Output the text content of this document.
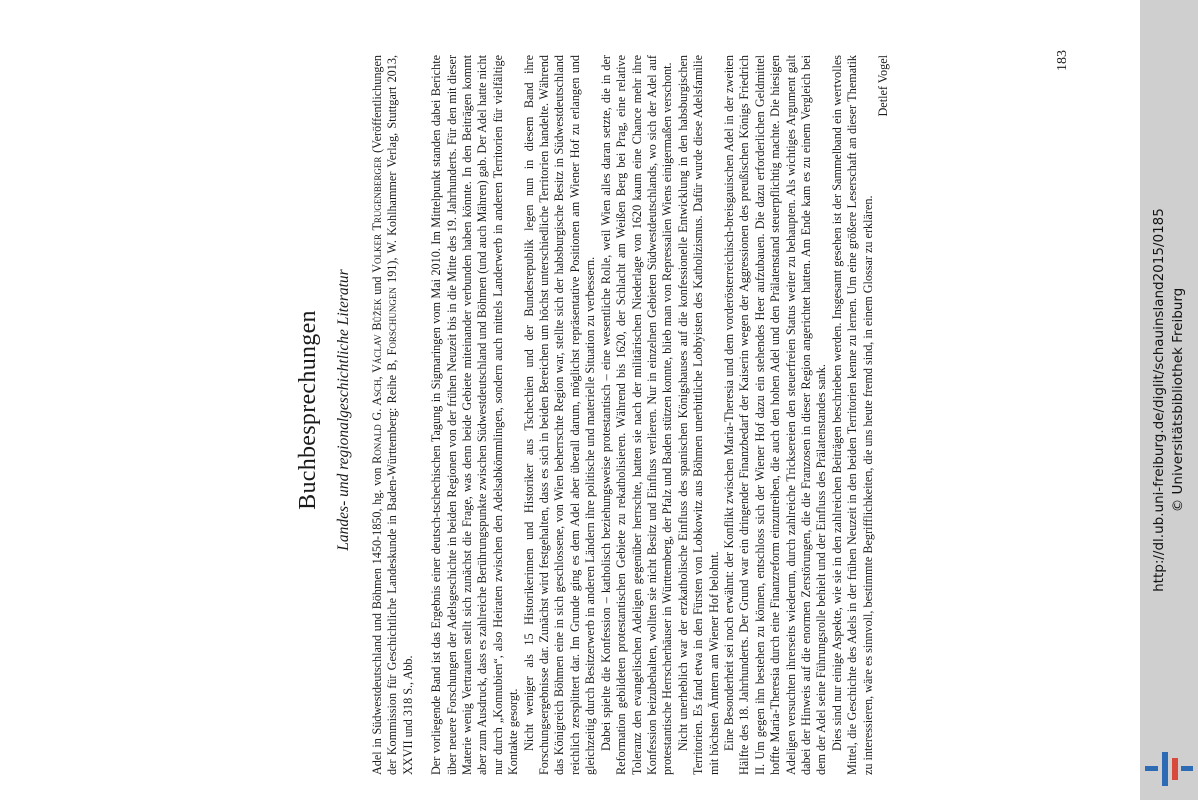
Buchbesprechungen Landes- und regionalgeschichtliche Literatur

Adel in Südwestdeutschland und Böhmen 1450-1850, hg. von Ronald G. Asch, Václav Bůžek und Volker Trugenberger (Veröffentlichungen der Kommission für Geschichtliche Landeskunde in Baden-Württemberg: Reihe B, Forschungen 191), W. Kohlhammer Verlag, Stuttgart 2013, XXVII und 318 S., Abb. Der vorliegende Band ist das Ergebnis einer deutsch-tschechischen Tagung in Sigmaringen vom Mai 2010. Im Mittelpunkt standen dabei Berichte über neuere Forschungen der Adelsgeschichte in beiden Regionen von der frühen Neuzeit bis in die Mitte des 19. Jahrhunderts. Für den mit dieser Materie wenig Vertrauten stellt sich zunächst die Frage, was denn beide Gebiete miteinander verbunden haben könnte. In den Beiträgen kommt aber zum Ausdruck, dass es zahlreiche Berührungspunkte zwischen Südwestdeutschland und Böhmen (und auch Mähren) gab. Der Adel hatte nicht nur durch „Konnubien“, also Heiraten zwischen den Adelsabkömmlingen, sondern auch mittels Landerwerb in anderen Territorien für vielfältige Kontakte gesorgt. Nicht weniger als 15 Historikerinnen und Historiker aus Tschechien und der Bundesrepublik legen nun in diesem Band ihre Forschungsergebnisse dar. Zunächst wird festgehalten, dass es sich in beiden Bereichen um höchst unterschiedliche Territorien handelte. Während das Königreich Böhmen eine in sich geschlossene, von Wien beherrschte Region war, stellte sich der habsburgische Besitz in Südwestdeutschland reichlich zersplittert dar. Im Grunde ging es dem Adel aber überall darum, möglichst repräsentative Positionen am Wiener Hof zu erlangen und gleichzeitig durch Besitzerwerb in anderen Ländern ihre politische und materielle Situation zu verbessern. Dabei spielte die Konfession – katholisch beziehungsweise protestantisch – eine wesentliche Rolle, weil Wien alles daran setzte, die in der Reformation gebildeten protestantischen Gebiete zu rekatholisieren. Während bis 1620, der Schlacht am Weißen Berg bei Prag, eine relative Toleranz den evangelischen Adeligen gegenüber herrschte, hatten sie nach der militärischen Niederlage von 1620 kaum eine Chance mehr ihre Konfession beizubehalten, wollten sie nicht Besitz und Einfluss verlieren. Nur in einzelnen Gebieten Südwestdeutschlands, wo sich der Adel auf protestantische Herrscherhäuser in Württemberg, der Pfalz und Baden stützen konnte, blieb man von Repressalien Wiens einigermaßen verschont. Nicht unerheblich war der erzkatholische Einfluss des spanischen Königshauses auf die konfessionelle Entwicklung in den habsburgischen Territorien. Es fand etwa in den Fürsten von Lobkowitz aus Böhmen unerbittliche Lobbyisten des Katholizismus. Dafür wurde diese Adelsfamilie mit höchsten Ämtern am Wiener Hof belohnt. Eine Besonderheit sei noch erwähnt: der Konflikt zwischen Maria-Theresia und dem vorderösterreichisch-breisgauischen Adel in der zweiten Hälfte des 18. Jahrhunderts. Der Grund war ein dringender Finanzbedarf der Kaiserin wegen der Aggressionen des preußischen Königs Friedrich II. Um gegen ihn bestehen zu können, entschloss sich der Wiener Hof dazu ein stehendes Heer aufzubauen. Die dazu erforderlichen Geldmittel hoffte Maria-Theresia durch eine Finanzreform einzutreiben, die auch den hohen Adel und den Prälatenstand steuerpflichtig machte. Die hiesigen Adeligen versuchten ihrerseits wiederum, durch zahlreiche Tricksereien den steuerfreien Status weiter zu behaupten. Als wichtiges Argument galt dabei der Hinweis auf die enormen Zerstörungen, die die Franzosen in dieser Region angerichtet hatten. Am Ende kam es zu einem Vergleich bei dem der Adel seine Führungsrolle behielt und der Einfluss des Prälatenstandes sank. Dies sind nur einige Aspekte, wie sie in den zahlreichen Beiträgen beschrieben werden. Insgesamt gesehen ist der Sammelband ein wertvolles Mittel, die Geschichte des Adels in der frühen Neuzeit in den beiden Territorien kenne zu lernen. Um eine größere Leserschaft an dieser Thematik zu interessieren, wäre es sinnvoll, bestimmte Begrifflichkeiten, die uns heute fremd sind, in einem Glossar zu erklären.

Detlef Vogel	183
http://dl.ub.uni-freiburg.de/diglit/schauinsland2015/0185 © Universitätsbibliothek Freiburg
